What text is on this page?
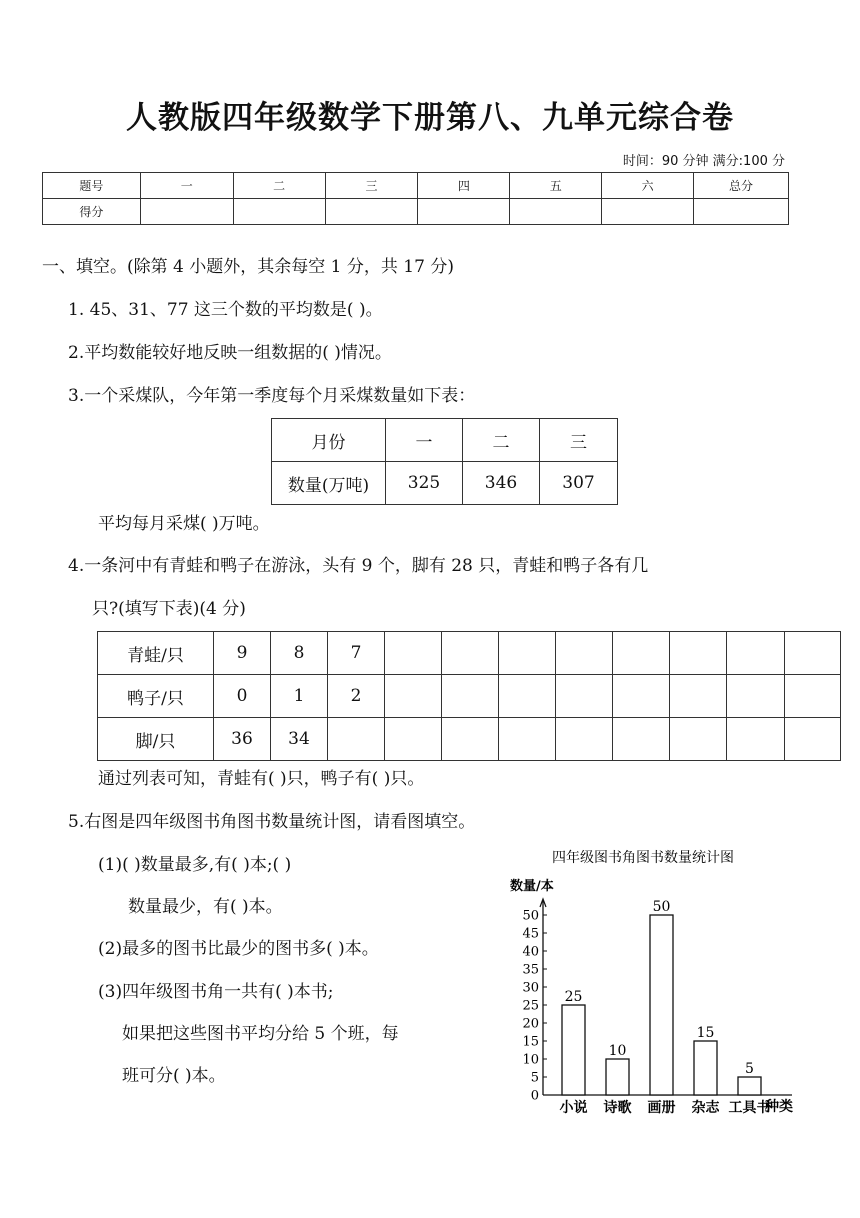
人教版四年级数学下册第八、九单元综合卷
时间：90 分钟 满分:100 分
题号	一	二	三	四	五	六	总分
得分							
一、填空。(除第 4 小题外，其余每空 1 分，共 17 分)
1. 45、31、77 这三个数的平均数是( )。
2.平均数能较好地反映一组数据的( )情况。
3.一个采煤队，今年第一季度每个月采煤数量如下表：
月份	一	二	三
数量(万吨)	325	346	307
平均每月采煤( )万吨。
4.一条河中有青蛙和鸭子在游泳，头有 9 个，脚有 28 只，青蛙和鸭子各有几
只?(填写下表)(4 分)
青蛙/只	9	8	7								
鸭子/只	0	1	2								
脚/只	36	34									
通过列表可知，青蛙有( )只，鸭子有( )只。
5.右图是四年级图书角图书数量统计图，请看图填空。
(1)( )数量最多,有( )本;( )
数量最少，有( )本。
(2)最多的图书比最少的图书多( )本。
(3)四年级图书角一共有( )本书;
如果把这些图书平均分给 5 个班，每
班可分( )本。
四年级图书角图书数量统计图
数量/本
种类
0
5
10
15
20
25
30
35
40
45
50
25
小说
10
诗歌
50
画册
15
杂志
5
工具书
